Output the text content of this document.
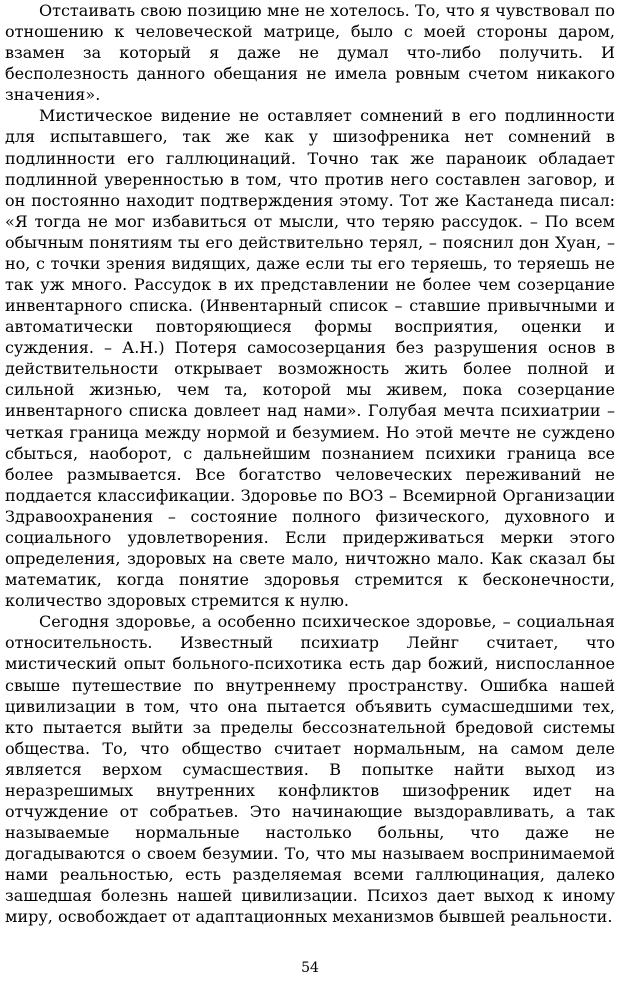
Отстаивать свою позицию мне не хотелось. То, что я чувствовал по отношению к человеческой матрице, было с моей стороны даром, взамен за который я даже не думал что-либо получить. И бесполезность данного обещания не имела ровным счетом никакого значения».

Мистическое видение не оставляет сомнений в его подлинности для испытавшего, так же как у шизофреника нет сомнений в подлинности его галлюцинаций. Точно так же параноик обладает подлинной уверенностью в том, что против него составлен заговор, и он постоянно находит подтверждения этому. Тот же Кастанеда писал: «Я тогда не мог избавиться от мысли, что теряю рассудок. – По всем обычным понятиям ты его действительно терял, – пояснил дон Хуан, – но, с точки зрения видящих, даже если ты его теряешь, то теряешь не так уж много. Рассудок в их представлении не более чем созерцание инвентарного списка. (Инвентарный список – ставшие привычными и автоматически повторяющиеся формы восприятия, оценки и суждения. – А.Н.) Потеря самосозерцания без разрушения основ в действительности открывает возможность жить более полной и сильной жизнью, чем та, которой мы живем, пока созерцание инвентарного списка довлеет над нами». Голубая мечта психиатрии – четкая граница между нормой и безумием. Но этой мечте не суждено сбыться, наоборот, с дальнейшим познанием психики граница все более размывается. Все богатство человеческих переживаний не поддается классификации. Здоровье по ВОЗ – Всемирной Организации Здравоохранения – состояние полного физического, духовного и социального удовлетворения. Если придерживаться мерки этого определения, здоровых на свете мало, ничтожно мало. Как сказал бы математик, когда понятие здоровья стремится к бесконечности, количество здоровых стремится к нулю.

Сегодня здоровье, а особенно психическое здоровье, – социальная относительность. Известный психиатр Лейнг считает, что мистический опыт больного-психотика есть дар божий, ниспосланное свыше путешествие по внутреннему пространству. Ошибка нашей цивилизации в том, что она пытается объявить сумасшедшими тех, кто пытается выйти за пределы бессознательной бредовой системы общества. То, что общество считает нормальным, на самом деле является верхом сумасшествия. В попытке найти выход из неразрешимых внутренних конфликтов шизофреник идет на отчуждение от собратьев. Это начинающие выздоравливать, а так называемые нормальные настолько больны, что даже не догадываются о своем безумии. То, что мы называем воспринимаемой нами реальностью, есть разделяемая всеми галлюцинация, далеко зашедшая болезнь нашей цивилизации. Психоз дает выход к иному миру, освобождает от адаптационных механизмов бывшей реальности.

54
